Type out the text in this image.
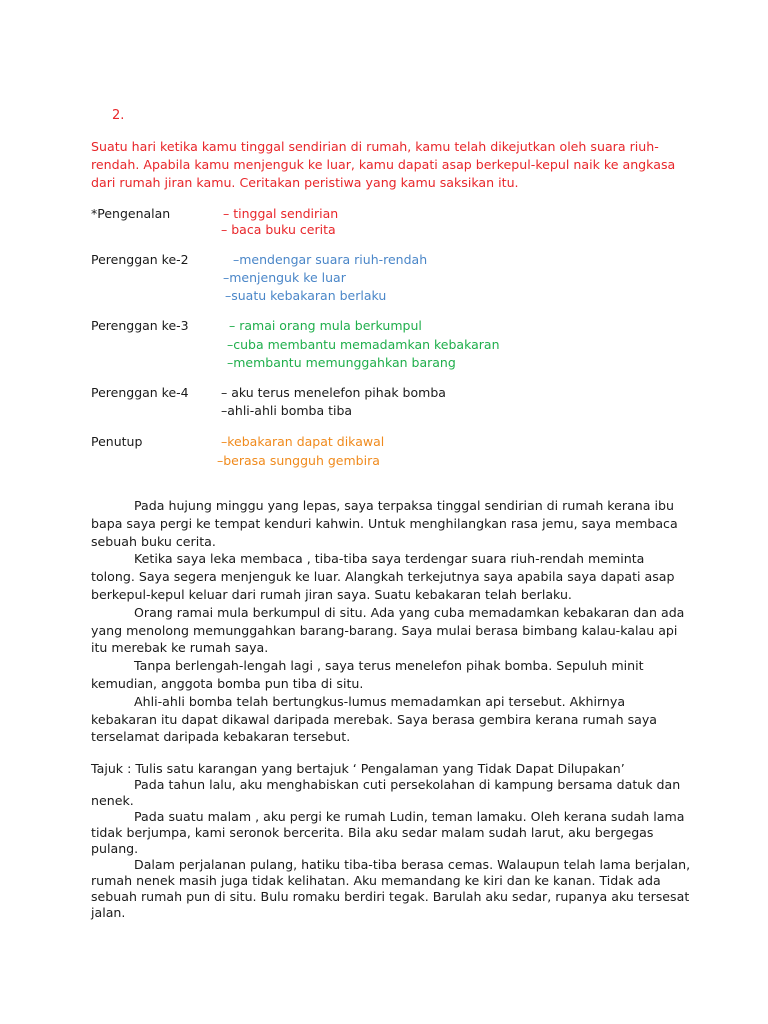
2.
Suatu hari ketika kamu tinggal sendirian di rumah, kamu telah dikejutkan oleh suara riuh-rendah. Apabila kamu menjenguk ke luar, kamu dapati asap berkepul-kepul naik ke angkasa dari rumah jiran kamu. Ceritakan peristiwa yang kamu saksikan itu.
*Pengenalan	– tinggal sendirian
– baca buku cerita
Perenggan ke-2	–mendengar suara riuh-rendah
–menjenguk ke luar
–suatu kebakaran berlaku
Perenggan ke-3	– ramai orang mula berkumpul
–cuba membantu memadamkan kebakaran
–membantu memunggahkan barang
Perenggan ke-4	– aku terus menelefon pihak bomba
–ahli-ahli bomba tiba
Penutup	–kebakaran dapat dikawal
–berasa sungguh gembira

Pada hujung minggu yang lepas, saya terpaksa tinggal sendirian di rumah kerana ibu bapa saya pergi ke tempat kenduri kahwin. Untuk menghilangkan rasa jemu, saya membaca sebuah buku cerita.

Ketika saya leka membaca , tiba-tiba saya terdengar suara riuh-rendah meminta tolong. Saya segera menjenguk ke luar. Alangkah terkejutnya saya apabila saya dapati asap berkepul-kepul keluar dari rumah jiran saya. Suatu kebakaran telah berlaku.

Orang ramai mula berkumpul di situ. Ada yang cuba memadamkan kebakaran dan ada yang menolong memunggahkan barang-barang. Saya mulai berasa bimbang kalau-kalau api itu merebak ke rumah saya.

Tanpa berlengah-lengah lagi , saya terus menelefon pihak bomba. Sepuluh minit kemudian, anggota bomba pun tiba di situ.

Ahli-ahli bomba telah bertungkus-lumus memadamkan api tersebut. Akhirnya kebakaran itu dapat dikawal daripada merebak. Saya berasa gembira kerana rumah saya terselamat daripada kebakaran tersebut.

Tajuk : Tulis satu karangan yang bertajuk ‘ Pengalaman yang Tidak Dapat Dilupakan’

Pada tahun lalu, aku menghabiskan cuti persekolahan di kampung bersama datuk dan nenek.

Pada suatu malam , aku pergi ke rumah Ludin, teman lamaku. Oleh kerana sudah lama tidak berjumpa, kami seronok bercerita. Bila aku sedar malam sudah larut, aku bergegas pulang.

Dalam perjalanan pulang, hatiku tiba-tiba berasa cemas. Walaupun telah lama berjalan, rumah nenek masih juga tidak kelihatan. Aku memandang ke kiri dan ke kanan. Tidak ada sebuah rumah pun di situ. Bulu romaku berdiri tegak. Barulah aku sedar, rupanya aku tersesat jalan.
